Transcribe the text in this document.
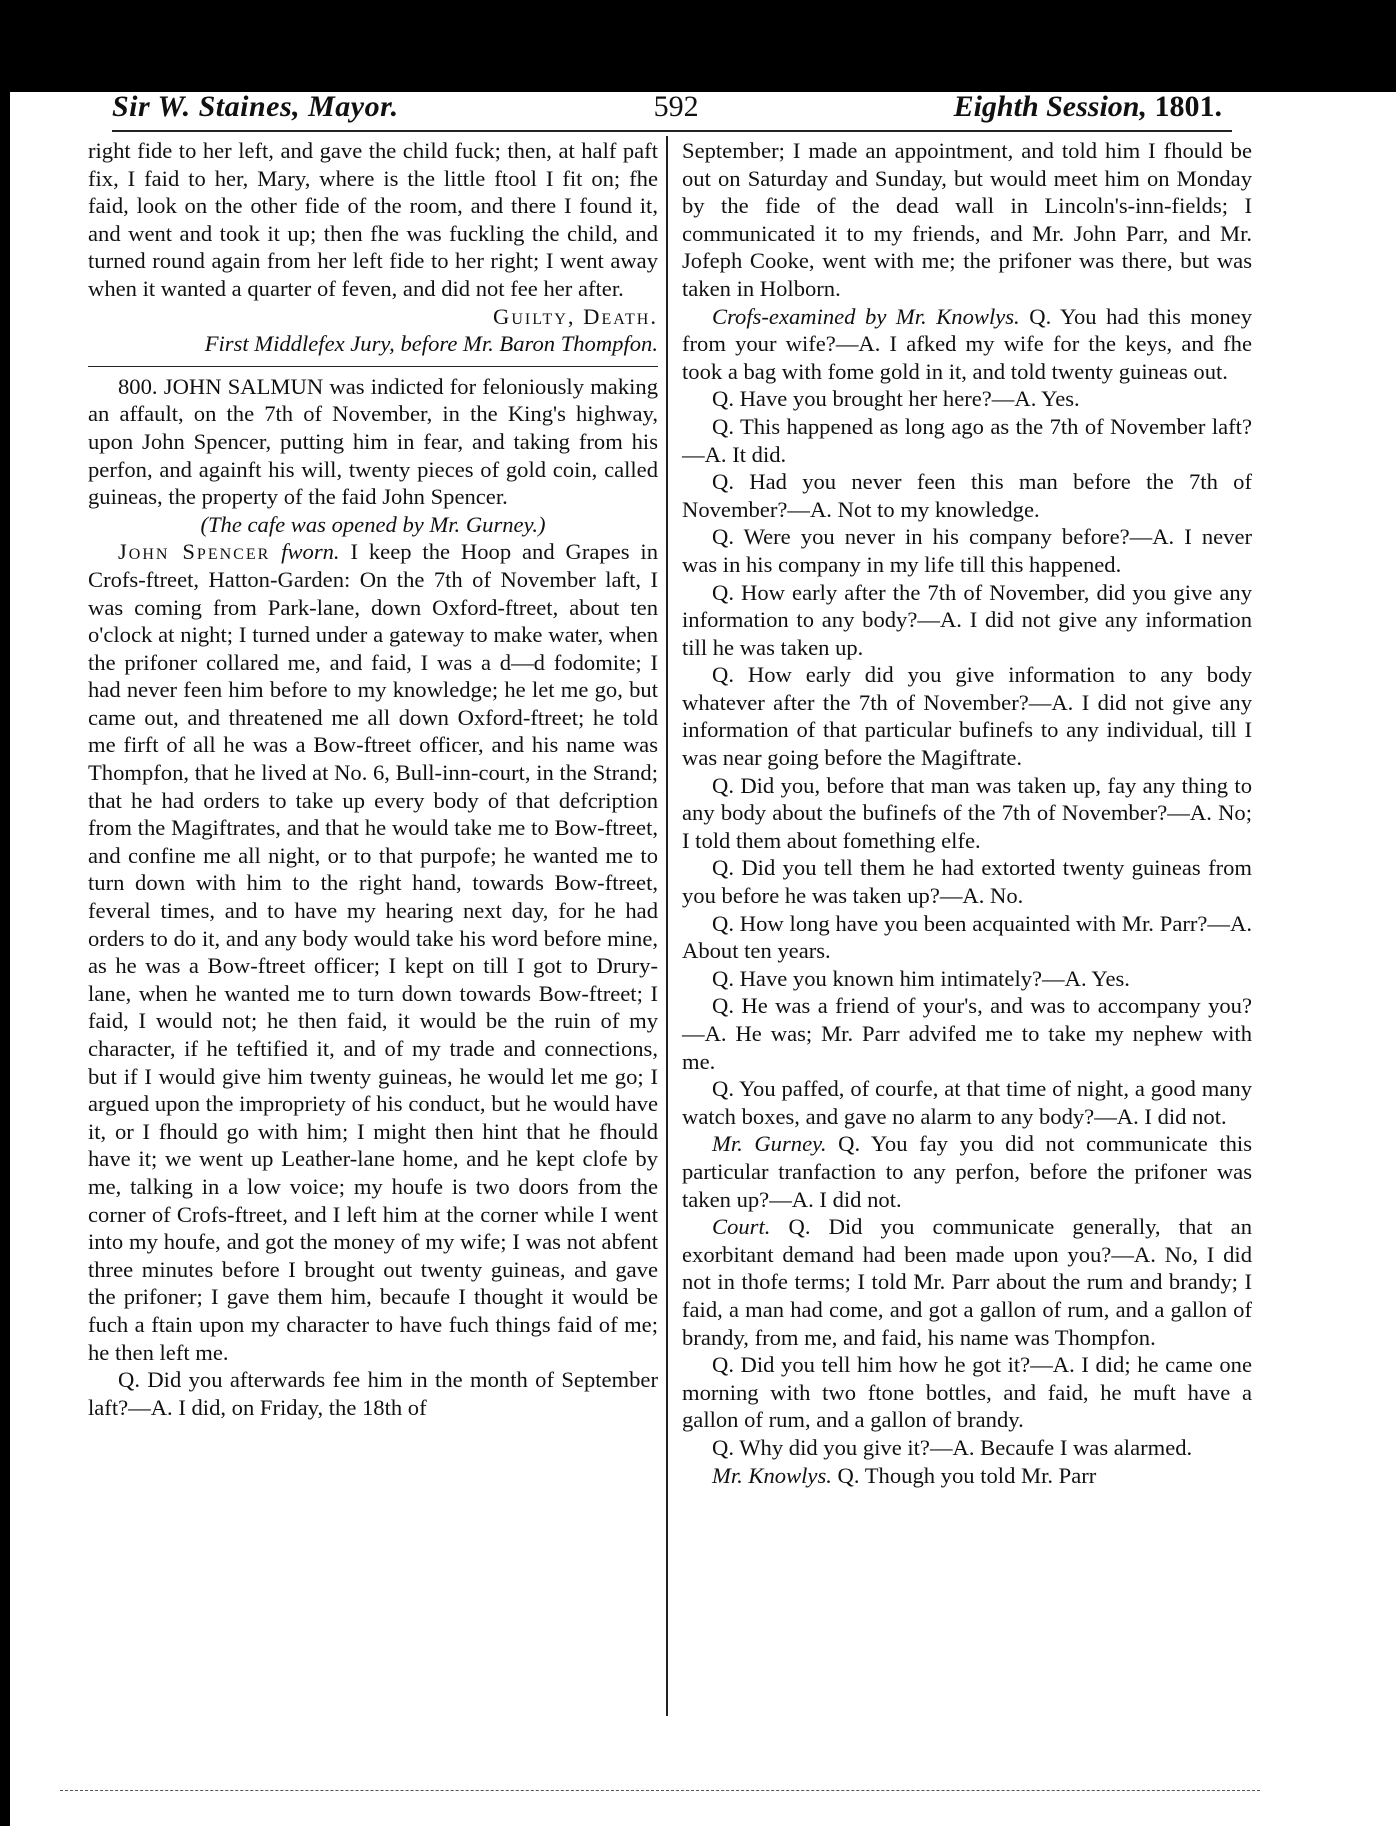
Sir W. Staines, Mayor.	592	Eighth Session, 1801.

right fide to her left, and gave the child fuck; then, at half paft fix, I faid to her, Mary, where is the little ftool I fit on; fhe faid, look on the other fide of the room, and there I found it, and went and took it up; then fhe was fuckling the child, and turned round again from her left fide to her right; I went away when it wanted a quarter of feven, and did not fee her after.

Guilty, Death.

First Middlefex Jury, before Mr. Baron Thompfon.

800. JOHN SALMUN was indicted for feloniously making an affault, on the 7th of November, in the King's highway, upon John Spencer, putting him in fear, and taking from his perfon, and againft his will, twenty pieces of gold coin, called guineas, the property of the faid John Spencer.

(The cafe was opened by Mr. Gurney.)

John Spencer fworn. I keep the Hoop and Grapes in Crofs-ftreet, Hatton-Garden: On the 7th of November laft, I was coming from Park-lane, down Oxford-ftreet, about ten o'clock at night; I turned under a gateway to make water, when the prifoner collared me, and faid, I was a d—d fodomite; I had never feen him before to my knowledge; he let me go, but came out, and threatened me all down Oxford-ftreet; he told me firft of all he was a Bow-ftreet officer, and his name was Thompfon, that he lived at No. 6, Bull-inn-court, in the Strand; that he had orders to take up every body of that defcription from the Magiftrates, and that he would take me to Bow-ftreet, and confine me all night, or to that purpofe; he wanted me to turn down with him to the right hand, towards Bow-ftreet, feveral times, and to have my hearing next day, for he had orders to do it, and any body would take his word before mine, as he was a Bow-ftreet officer; I kept on till I got to Drury-lane, when he wanted me to turn down towards Bow-ftreet; I faid, I would not; he then faid, it would be the ruin of my character, if he teftified it, and of my trade and connections, but if I would give him twenty guineas, he would let me go; I argued upon the impropriety of his conduct, but he would have it, or I fhould go with him; I might then hint that he fhould have it; we went up Leather-lane home, and he kept clofe by me, talking in a low voice; my houfe is two doors from the corner of Crofs-ftreet, and I left him at the corner while I went into my houfe, and got the money of my wife; I was not abfent three minutes before I brought out twenty guineas, and gave the prifoner; I gave them him, becaufe I thought it would be fuch a ftain upon my character to have fuch things faid of me; he then left me.

Q. Did you afterwards fee him in the month of September laft?—A. I did, on Friday, the 18th of

September; I made an appointment, and told him I fhould be out on Saturday and Sunday, but would meet him on Monday by the fide of the dead wall in Lincoln's-inn-fields; I communicated it to my friends, and Mr. John Parr, and Mr. Jofeph Cooke, went with me; the prifoner was there, but was taken in Holborn.

Crofs-examined by Mr. Knowlys. Q. You had this money from your wife?—A. I afked my wife for the keys, and fhe took a bag with fome gold in it, and told twenty guineas out.

Q. Have you brought her here?—A. Yes.

Q. This happened as long ago as the 7th of November laft?—A. It did.

Q. Had you never feen this man before the 7th of November?—A. Not to my knowledge.

Q. Were you never in his company before?—A. I never was in his company in my life till this happened.

Q. How early after the 7th of November, did you give any information to any body?—A. I did not give any information till he was taken up.

Q. How early did you give information to any body whatever after the 7th of November?—A. I did not give any information of that particular bufinefs to any individual, till I was near going before the Magiftrate.

Q. Did you, before that man was taken up, fay any thing to any body about the bufinefs of the 7th of November?—A. No; I told them about fomething elfe.

Q. Did you tell them he had extorted twenty guineas from you before he was taken up?—A. No.

Q. How long have you been acquainted with Mr. Parr?—A. About ten years.

Q. Have you known him intimately?—A. Yes.

Q. He was a friend of your's, and was to accompany you?—A. He was; Mr. Parr advifed me to take my nephew with me.

Q. You paffed, of courfe, at that time of night, a good many watch boxes, and gave no alarm to any body?—A. I did not.

Mr. Gurney. Q. You fay you did not communicate this particular tranfaction to any perfon, before the prifoner was taken up?—A. I did not.

Court. Q. Did you communicate generally, that an exorbitant demand had been made upon you?—A. No, I did not in thofe terms; I told Mr. Parr about the rum and brandy; I faid, a man had come, and got a gallon of rum, and a gallon of brandy, from me, and faid, his name was Thompfon.

Q. Did you tell him how he got it?—A. I did; he came one morning with two ftone bottles, and faid, he muft have a gallon of rum, and a gallon of brandy.

Q. Why did you give it?—A. Becaufe I was alarmed.

Mr. Knowlys. Q. Though you told Mr. Parr
